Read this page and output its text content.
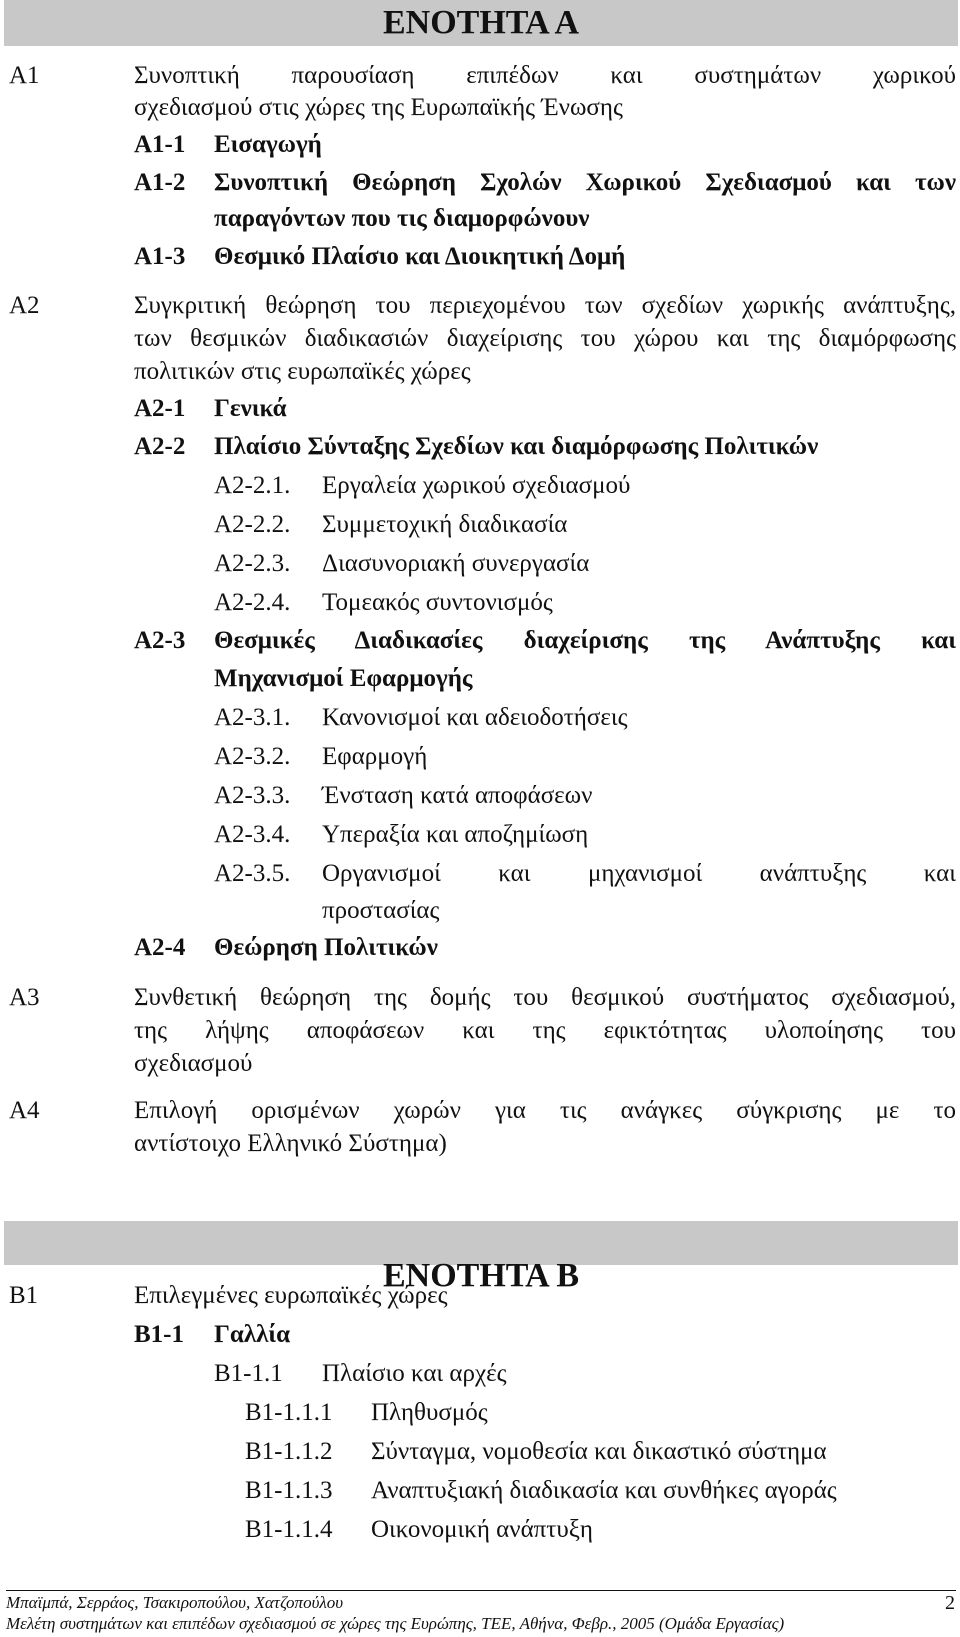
ΕΝΟΤΗΤΑ Α
Α1	Συνοπτική παρουσίαση επιπέδων και συστημάτων χωρικού
σχεδιασμού στις χώρες της Ευρωπαϊκής Ένωσης
Α1-1 Εισαγωγή
Α1-2 Συνοπτική Θεώρηση Σχολών Χωρικού Σχεδιασμού και των
παραγόντων που τις διαμορφώνουν
Α1-3 Θεσμικό Πλαίσιο και Διοικητική Δομή
Α2	Συγκριτική θεώρηση του περιεχομένου των σχεδίων χωρικής ανάπτυξης,
των θεσμικών διαδικασιών διαχείρισης του χώρου και της διαμόρφωσης
πολιτικών στις ευρωπαϊκές χώρες
Α2-1 Γενικά
Α2-2 Πλαίσιο Σύνταξης Σχεδίων και διαμόρφωσης Πολιτικών
Α2-2.1. Εργαλεία χωρικού σχεδιασμού
Α2-2.2. Συμμετοχική διαδικασία
Α2-2.3. Διασυνοριακή συνεργασία
Α2-2.4. Τομεακός συντονισμός
Α2-3 Θεσμικές Διαδικασίες διαχείρισης της Ανάπτυξης και
Μηχανισμοί Εφαρμογής
Α2-3.1. Κανονισμοί και αδειοδοτήσεις
Α2-3.2. Εφαρμογή
Α2-3.3. Ένσταση κατά αποφάσεων
Α2-3.4. Υπεραξία και αποζημίωση
Α2-3.5. Οργανισμοί και μηχανισμοί ανάπτυξης και
προστασίας
Α2-4 Θεώρηση Πολιτικών
Α3	Συνθετική θεώρηση της δομής του θεσμικού συστήματος σχεδιασμού,
της λήψης αποφάσεων και της εφικτότητας υλοποίησης του
σχεδιασμού
Α4	Επιλογή ορισμένων χωρών για τις ανάγκες σύγκρισης με το
αντίστοιχο Ελληνικό Σύστημα)
ΕΝΟΤΗΤΑ Β
Β1	Επιλεγμένες ευρωπαϊκές χώρες
Β1-1 Γαλλία
Β1-1.1 Πλαίσιο και αρχές
Β1-1.1.1 Πληθυσμός
Β1-1.1.2 Σύνταγμα, νομοθεσία και δικαστικό σύστημα
Β1-1.1.3 Αναπτυξιακή διαδικασία και συνθήκες αγοράς
Β1-1.1.4 Οικονομική ανάπτυξη
Μπαϊμπά, Σερράος, Τσακιροπούλου, Χατζοπούλου	2
Μελέτη συστημάτων και επιπέδων σχεδιασμού σε χώρες της Ευρώπης, ΤΕΕ, Αθήνα, Φεβρ., 2005 (Ομάδα Εργασίας)
